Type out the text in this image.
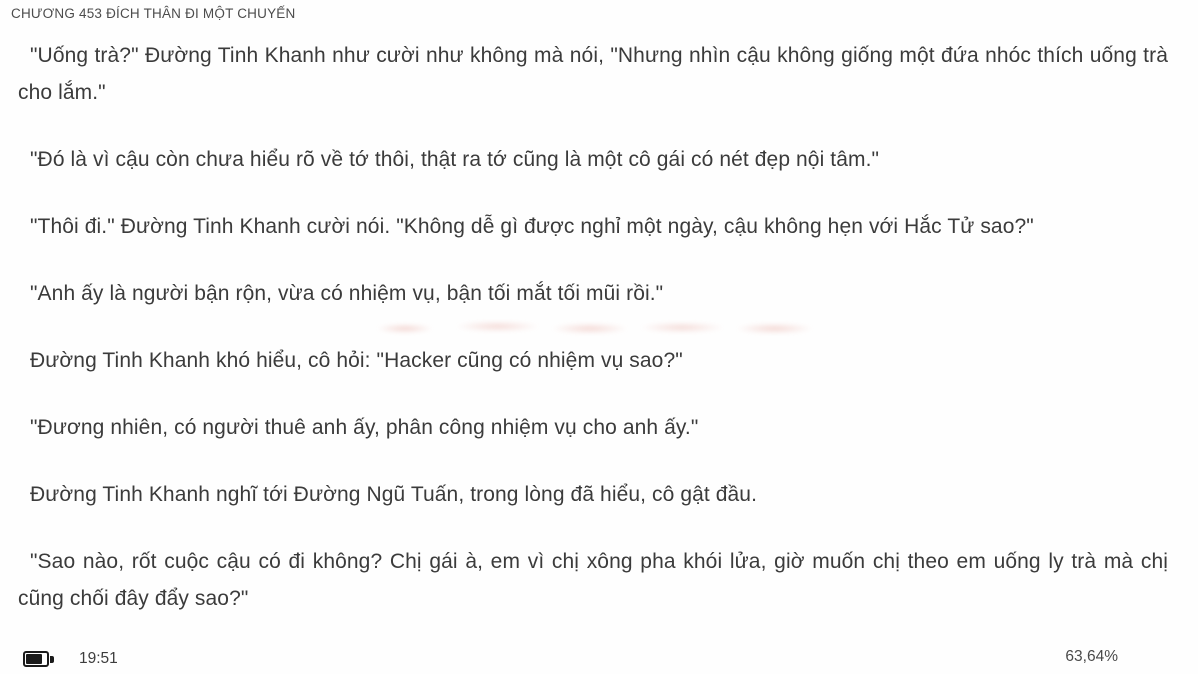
CHƯƠNG 453 ĐÍCH THÂN ĐI MỘT CHUYẾN

"Uống trà?" Đường Tinh Khanh như cười như không mà nói, "Nhưng nhìn cậu không giống một đứa nhóc thích uống trà cho lắm."

"Đó là vì cậu còn chưa hiểu rõ về tớ thôi, thật ra tớ cũng là một cô gái có nét đẹp nội tâm."

"Thôi đi." Đường Tinh Khanh cười nói. "Không dễ gì được nghỉ một ngày, cậu không hẹn với Hắc Tử sao?"

"Anh ấy là người bận rộn, vừa có nhiệm vụ, bận tối mắt tối mũi rồi."

Đường Tinh Khanh khó hiểu, cô hỏi: "Hacker cũng có nhiệm vụ sao?"

"Đương nhiên, có người thuê anh ấy, phân công nhiệm vụ cho anh ấy."

Đường Tinh Khanh nghĩ tới Đường Ngũ Tuấn, trong lòng đã hiểu, cô gật đầu.

"Sao nào, rốt cuộc cậu có đi không? Chị gái à, em vì chị xông pha khói lửa, giờ muốn chị theo em uống ly trà mà chị cũng chối đây đẩy sao?"

19:51	63,64%
